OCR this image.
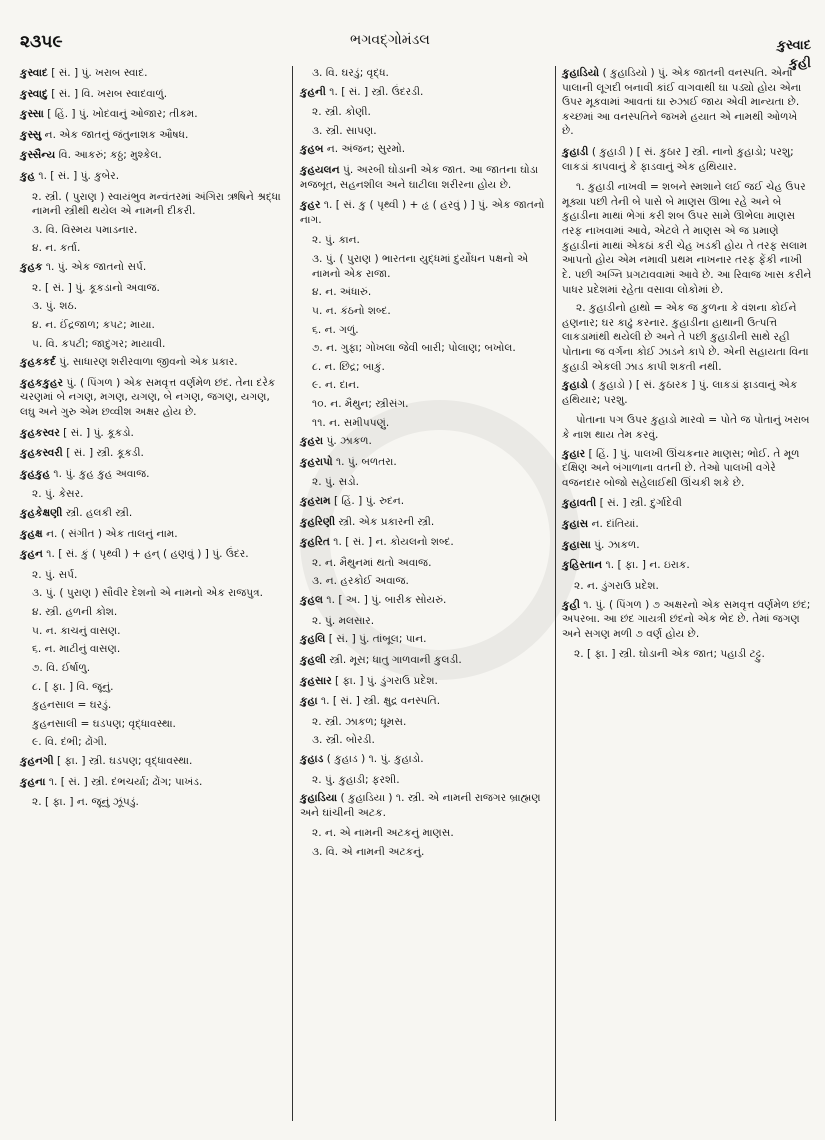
૨૩૫૯	ભગવદ્ગોમંડલ	કુસ્વાદ
કુહી
કુસ્વાદ [ સં. ] પું. ખરાબ સ્વાદ.
કુસ્વાદુ [ સં. ] વિ. ખરાબ સ્વાદવાળું.
કુસ્સા [ હિં. ] પું. ખોદવાનું ઓજાર; તીકમ.
કુસ્સુ ન. એક જાતનું જંતુનાશક ઔષધ.
કુસ્સૈન્ય વિ. આકરું; કઠ્ઠ; મુશ્કેલ.
કુહ ૧. [ સં. ] પું. કુબેર.
૨. સ્ત્રી. ( પુરાણ ) સ્વાયંભુવ મન્વંતરમાં અંગિરા ઋષિને શ્રદ્ધા નામની સ્ત્રીથી થયેલ એ નામની દીકરી.
૩. વિ. વિસ્મય પમાડનાર.
૪. ન. કર્તા.
કુહક ૧. પું. એક જાતનો સર્પ.
૨. [ સં. ] પું. કૂકડાનો અવાજ.
૩. પું. શઠ.
૪. ન. ઈંદ્રજાળ; કપટ; માયા.
૫. વિ. કપટી; જાદુગર; માયાવી.
કુહકકર્દ પું. સાધારણ શરીરવાળા જીવનો એક પ્રકાર.
કુહકકુહર પું. ( પિંગળ ) એક સમવૃત્ત વર્ણમેળ છંદ. તેના દરેક ચરણમાં બે નગણ, મગણ, યગણ, બે નગણ, જગણ, યગણ, લઘુ અને ગુરુ એમ છવ્વીશ અક્ષર હોય છે.
કુહકસ્વર [ સં. ] પું. કૂકડો.
કુહકસ્વરી [ સં. ] સ્ત્રી. કૂકડી.
કુહકુહ ૧. પું. કુહ કુહ અવાજ.
૨. પું. કેસર.
કુહકેક્ષણી સ્ત્રી. હલકી સ્ત્રી.
કુહક્ષ ન. ( સંગીત ) એક તાલનું નામ.
કુહન ૧. [ સં. કું ( પૃથ્વી ) + હન્ ( હણવું ) ] પું. ઉંદર.
૨. પું. સર્પ.
૩. પું. ( પુરાણ ) સૌવીર દેશનો એ નામનો એક રાજપુત્ર.
૪. સ્ત્રી. હળની કોશ.
૫. ન. કાચનું વાસણ.
૬. ન. માટીનું વાસણ.
૭. વિ. ઈર્ષાળુ.
૮. [ ફા. ] વિ. જૂનું.
કુહનસાલ = ઘરડું.
કુહનસાલી = ઘડપણ; વૃદ્ધાવસ્થા.
૯. વિ. દંભી; ઢોંગી.
કુહનગી [ ફા. ] સ્ત્રી. ઘડપણ; વૃદ્ધાવસ્થા.
કુહના ૧. [ સં. ] સ્ત્રી. દંભચર્યા; ઢોંગ; પાખંડ.
૨. [ ફા. ] ન. જૂનું ઝૂંપડું.
૩. વિ. ઘરડું; વૃદ્ધ.
કુહની ૧. [ સં. ] સ્ત્રી. ઉંદરડી.
૨. સ્ત્રી. કોણી.
૩. સ્ત્રી. સાપણ.
કુહબ ન. અંજન; સુરમો.
કુહયલન પું. અરબી ઘોડાની એક જાત. આ જાતના ઘોડા મજબૂત, સહનશીલ અને ઘાટીલા શરીરના હોય છે.
કુહર ૧. [ સં. કુ ( પૃથ્વી ) + હૃ ( હરવું ) ] પું. એક જાતનો નાગ.
૨. પું. કાન.
૩. પું. ( પુરાણ ) ભારતના યુદ્ધમાં દુર્યોધન પક્ષનો એ નામનો એક રાજા.
૪. ન. અંધારું.
૫. ન. કંઠનો શબ્દ.
૬. ન. ગળું.
૭. ન. ગુફા; ગોખલા જેવી બારી; પોલાણ; બખોલ.
૮. ન. છિદ્ર; બાકું.
૯. ન. દાન.
૧૦. ન. મૈથુન; સ્ત્રીસંગ.
૧૧. ન. સમીપપણું.
કુહરા પું. ઝાકળ.
કુહરાપો ૧. પું. બળતરા.
૨. પું. સડો.
કુહરામ [ હિં. ] પું. રુદન.
કુહરિણી સ્ત્રી. એક પ્રકારની સ્ત્રી.
કુહરિત ૧. [ સં. ] ન. કોયલનો શબ્દ.
૨. ન. મૈથુનમાં થતો અવાજ.
૩. ન. હરકોઈ અવાજ.
કુહલ ૧. [ અ. ] પું. બારીક સોયરું.
૨. પું. મલસાર.
કુહલિ [ સં. ] પું. તાંબૂલ; પાન.
કુહલી સ્ત્રી. મૂસ; ધાતુ ગાળવાની કુલડી.
કુહસાર [ ફા. ] પું. ડુંગરાઉ પ્રદેશ.
કુહા ૧. [ સં. ] સ્ત્રી. ક્ષુદ્ર વનસ્પતિ.
૨. સ્ત્રી. ઝાકળ; ધૂમસ.
૩. સ્ત્રી. બોરડી.
કુહાડ ( કુહાડ ) ૧. પું. કુહાડો.
૨. પું. કુહાડી; ફરશી.
કુહાડિયા ( કુહાડિયા ) ૧. સ્ત્રી. એ નામની રાજગર બ્રાહ્મણ અને ઘાંચીની અટક.
૨. ન. એ નામની અટકનું માણસ.
૩. વિ. એ નામની અટકનું.
કુહાડિયો ( કુહાડિયો ) પું. એક જાતની વનસ્પતિ. એના પાલાની લૂગદી બનાવી કાંઈ વાગવાથી ઘા પડ્યો હોય એના ઉપર મૂકવામાં આવતાં ઘા રુઝાઈ જાય એવી માન્યતા છે. કચ્છમાં આ વનસ્પતિને જખમે હયાત એ નામથી ઓળખે છે.
કુહાડી ( કુહાડી ) [ સં. કુઠાર ] સ્ત્રી. નાનો કુહાડો; પરશુ; લાકડાં કાપવાનું કે ફાડવાનું એક હથિયાર.
૧. કુહાડી નાખવી = શબને સ્મશાને લઈ જઈ ચેહ ઉપર મૂક્યા પછી તેની બે પાસે બે માણસ ઊભા રહે અને બે કુહાડીના માથાં ભેગાં કરી શબ ઉપર સામે ઊભેલા માણસ તરફ નાખવામાં આવે, એટલે તે માણસ એ જ પ્રમાણે કુહાડીનાં માથાં એકઠાં કરી ચેહ ખડકી હોય તે તરફ સલામ આપતો હોય એમ નમાવી પ્રથમ નાખનાર તરફ ફેંકી નાખી દે. પછી અગ્નિ પ્રગટાવવામાં આવે છે. આ રિવાજ ખાસ કરીને પાધર પ્રદેશમાં રહેતા વસાવા લોકોમાં છે.
૨. કુહાડીનો હાથો = એક જ કુળના કે વંશના કોઈને હણનાર; ઘર કાઢું કરનાર. કુહાડીના હાથાની ઉત્પત્તિ લાકડામાંથી થયેલી છે અને તે પછી કુહાડીની સાથે રહી પોતાના જ વર્ગના કોઈ ઝાડને કાપે છે. એની સહાયતા વિના કુહાડી એકલી ઝાડ કાપી શકતી નથી.
કુહાડો ( કુહાડો ) [ સં. કુઠારક ] પું. લાકડાં ફાડવાનું એક હથિયાર; પરશુ.
પોતાના પગ ઉપર કુહાડો મારવો = પોતે જ પોતાનું ખરાબ કે નાશ થાય તેમ કરવું.
કુહાર [ હિં. ] પું. પાલખી ઊંચકનાર માણસ; ભોઈ. તે મૂળ દક્ષિણ અને બંગાળાના વતની છે. તેઓ પાલખી વગેરે વજનદાર બોજો સહેલાઈથી ઊંચકી શકે છે.
કુહાવતી [ સં. ] સ્ત્રી. દુર્ગાદેવી
કુહાસ ન. દાંતિયાં.
કુહાસા પું. ઝાકળ.
કુહિસ્તાન ૧. [ ફા. ] ન. ઇરાક.
૨. ન. ડુંગરાઉ પ્રદેશ.
કુહી ૧. પું. ( પિંગળ ) ૭ અક્ષરનો એક સમવૃત્ત વર્ણમેળ છંદ; અપરબા. આ છંદ ગાયત્રી છંદનો એક ભેદ છે. તેમાં જગણ અને સગણ મળી ૭ વર્ણ હોય છે.
૨. [ ફા. ] સ્ત્રી. ઘોડાની એક જાત; પહાડી ટટ્ટુ.
